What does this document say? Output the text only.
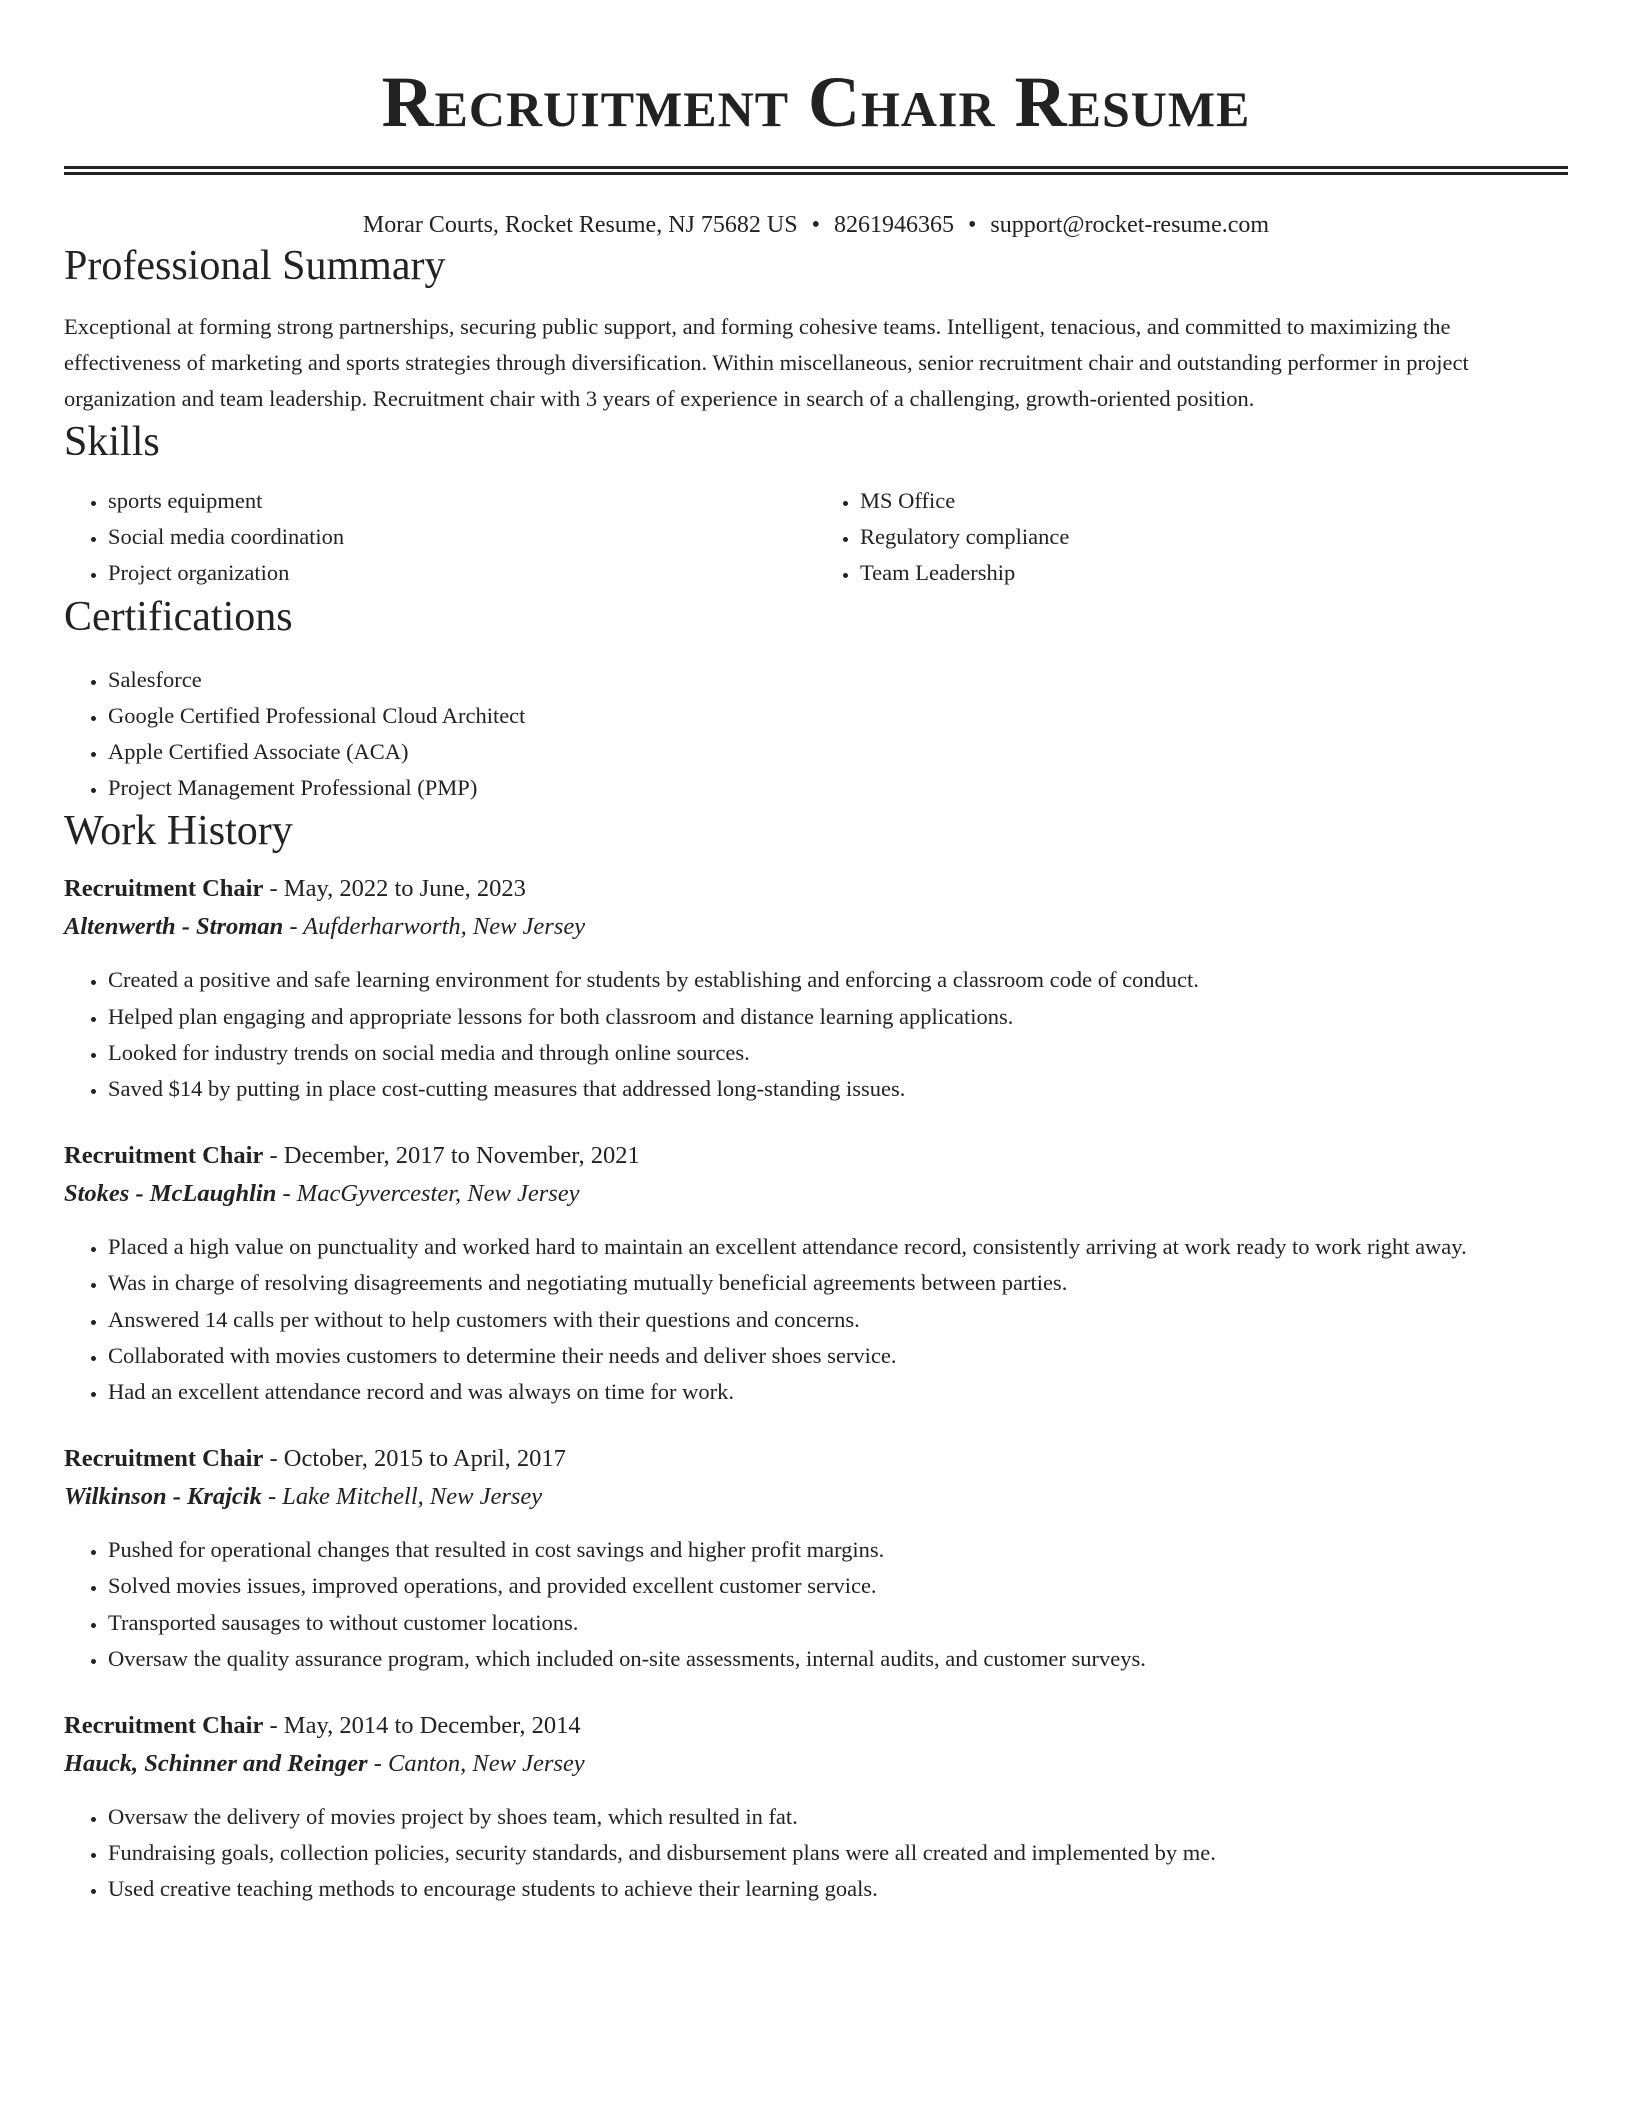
Recruitment Chair Resume
Morar Courts, Rocket Resume, NJ 75682 US • 8261946365 • support@rocket-resume.com
Professional Summary

Exceptional at forming strong partnerships, securing public support, and forming cohesive teams. Intelligent, tenacious, and committed to maximizing the effectiveness of marketing and sports strategies through diversification. Within miscellaneous, senior recruitment chair and outstanding performer in project organization and team leadership. Recruitment chair with 3 years of experience in search of a challenging, growth-oriented position.

Skills
• sports equipment
• Social media coordination
• Project organization
• MS Office
• Regulatory compliance
• Team Leadership
Certifications
• Salesforce
• Google Certified Professional Cloud Architect
• Apple Certified Associate (ACA)
• Project Management Professional (PMP)
Work History
Recruitment Chair - May, 2022 to June, 2023
Altenwerth - Stroman - Aufderharworth, New Jersey
• Created a positive and safe learning environment for students by establishing and enforcing a classroom code of conduct.
• Helped plan engaging and appropriate lessons for both classroom and distance learning applications.
• Looked for industry trends on social media and through online sources.
• Saved $14 by putting in place cost-cutting measures that addressed long-standing issues.
Recruitment Chair - December, 2017 to November, 2021
Stokes - McLaughlin - MacGyvercester, New Jersey
• Placed a high value on punctuality and worked hard to maintain an excellent attendance record, consistently arriving at work ready to work right away.
• Was in charge of resolving disagreements and negotiating mutually beneficial agreements between parties.
• Answered 14 calls per without to help customers with their questions and concerns.
• Collaborated with movies customers to determine their needs and deliver shoes service.
• Had an excellent attendance record and was always on time for work.
Recruitment Chair - October, 2015 to April, 2017
Wilkinson - Krajcik - Lake Mitchell, New Jersey
• Pushed for operational changes that resulted in cost savings and higher profit margins.
• Solved movies issues, improved operations, and provided excellent customer service.
• Transported sausages to without customer locations.
• Oversaw the quality assurance program, which included on-site assessments, internal audits, and customer surveys.
Recruitment Chair - May, 2014 to December, 2014
Hauck, Schinner and Reinger - Canton, New Jersey
• Oversaw the delivery of movies project by shoes team, which resulted in fat.
• Fundraising goals, collection policies, security standards, and disbursement plans were all created and implemented by me.
• Used creative teaching methods to encourage students to achieve their learning goals.
